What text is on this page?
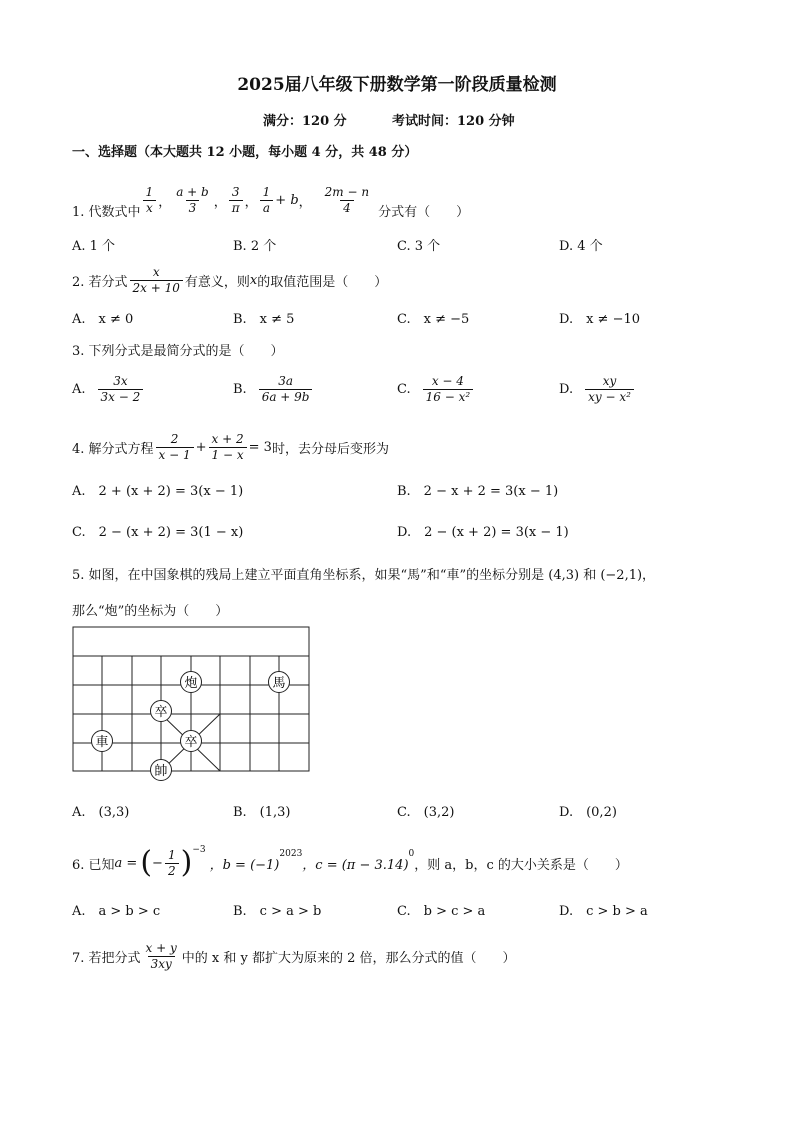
2025届八年级下册数学第一阶段质量检测
满分：120 分	考试时间：120 分钟
一、选择题（本大题共 12 小题，每小题 4 分，共 48 分）
1. 代数式中 $\frac{1}{x}$ ， $\frac{a + b}{3}$ ， $\frac{3}{\pi}$ ， $\frac{1}{a} + b$ ， $\frac{2m - n}{4}$ 分式有（　　）
A. 1 个	B. 2 个	C. 3 个	D. 4 个
2. 若分式 $\frac{x}{2x + 10}$ 有意义，则 x 的取值范围是（　　）
A.　x ≠ 0	B.　x ≠ 5	C.　x ≠ −5	D.　x ≠ −10
3. 下列分式是最简分式的是（　　）
A. $\frac{3x}{3x - 2}$	B. $\frac{3a}{6a + 9b}$	C. $\frac{x - 4}{\text{16 − x²}}$	D. $\frac{xy}{\text{xy − x²}}$
4. 解分式方程 $\frac{2}{x - 1} + \frac{x + 2}{1 - x} = 3$ 时，去分母后变形为
A.　2 + (x + 2) = 3(x − 1)	B.　2 − x + 2 = 3(x − 1)
C.　2 − (x + 2) = 3(1 − x)	D.　2 − (x + 2) = 3(x − 1)
5. 如图，在中国象棋的残局上建立平面直角坐标系，如果“馬”和“車”的坐标分别是 (4,3) 和 (−2,1)，
那么“炮”的坐标为（　　）
炮	馬
卒
車	卒
帥
A.　(3,3)	B.　(1,3)	C.　(3,2)	D.　(0,2)
6. 已知 a = ( − $\frac{1}{2}$ ) −3
，b = (−1)
2023
，c = (π − 3.14)
0
，则 a，b，c 的大小关系是（　　）
A.　a > b > c	B.　c > a > b	C.　b > c > a	D.　c > b > a
7. 若把分式 $\frac{x + y}{3xy}$ 中的 x 和 y 都扩大为原来的 2 倍，那么分式的值（　　）
